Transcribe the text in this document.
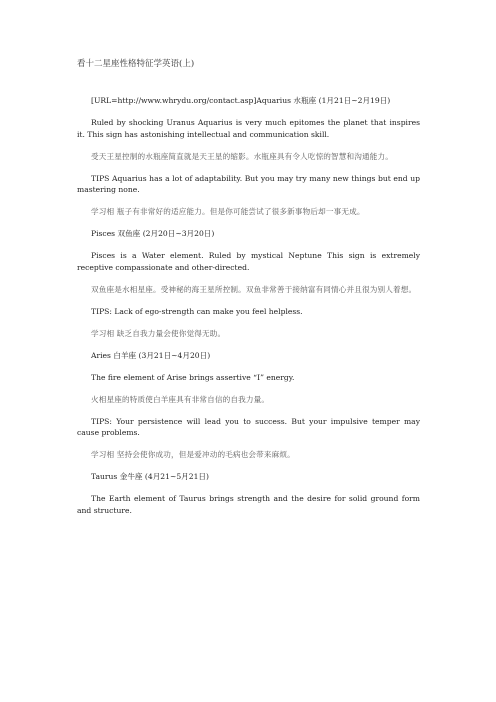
看十二星座性格特征学英语(上)

[URL=http://www.whrydu.org/contact.asp]Aquarius 水瓶座 (1月21日~2月19日)

Ruled by shocking Uranus Aquarius is very much epitomes the planet that inspires it. This sign has astonishing intellectual and communication skill.

受天王星控制的水瓶座简直就是天王星的缩影。水瓶座具有令人吃惊的智慧和沟通能力。

TIPS Aquarius has a lot of adaptability. But you may try many new things but end up mastering none.

学习相 瓶子有非常好的适应能力。但是你可能尝试了很多新事物后却一事无成。

Pisces 双鱼座 (2月20日~3月20日)

Pisces is a Water element. Ruled by mystical Neptune This sign is extremely receptive compassionate and other-directed.

双鱼座是水相星座。受神秘的海王星所控制。双鱼非常善于接纳富有同情心并且很为别人着想。

TIPS: Lack of ego-strength can make you feel helpless.

学习相 缺乏自我力量会使你觉得无助。

Aries 白羊座 (3月21日~4月20日)

The fire element of Arise brings assertive “I” energy.

火相星座的特质使白羊座具有非常自信的自我力量。

TIPS: Your persistence will lead you to success. But your impulsive temper may cause problems.

学习相 坚持会使你成功，但是爱冲动的毛病也会带来麻烦。

Taurus 金牛座 (4月21~5月21日)

The Earth element of Taurus brings strength and the desire for solid ground form and structure.
